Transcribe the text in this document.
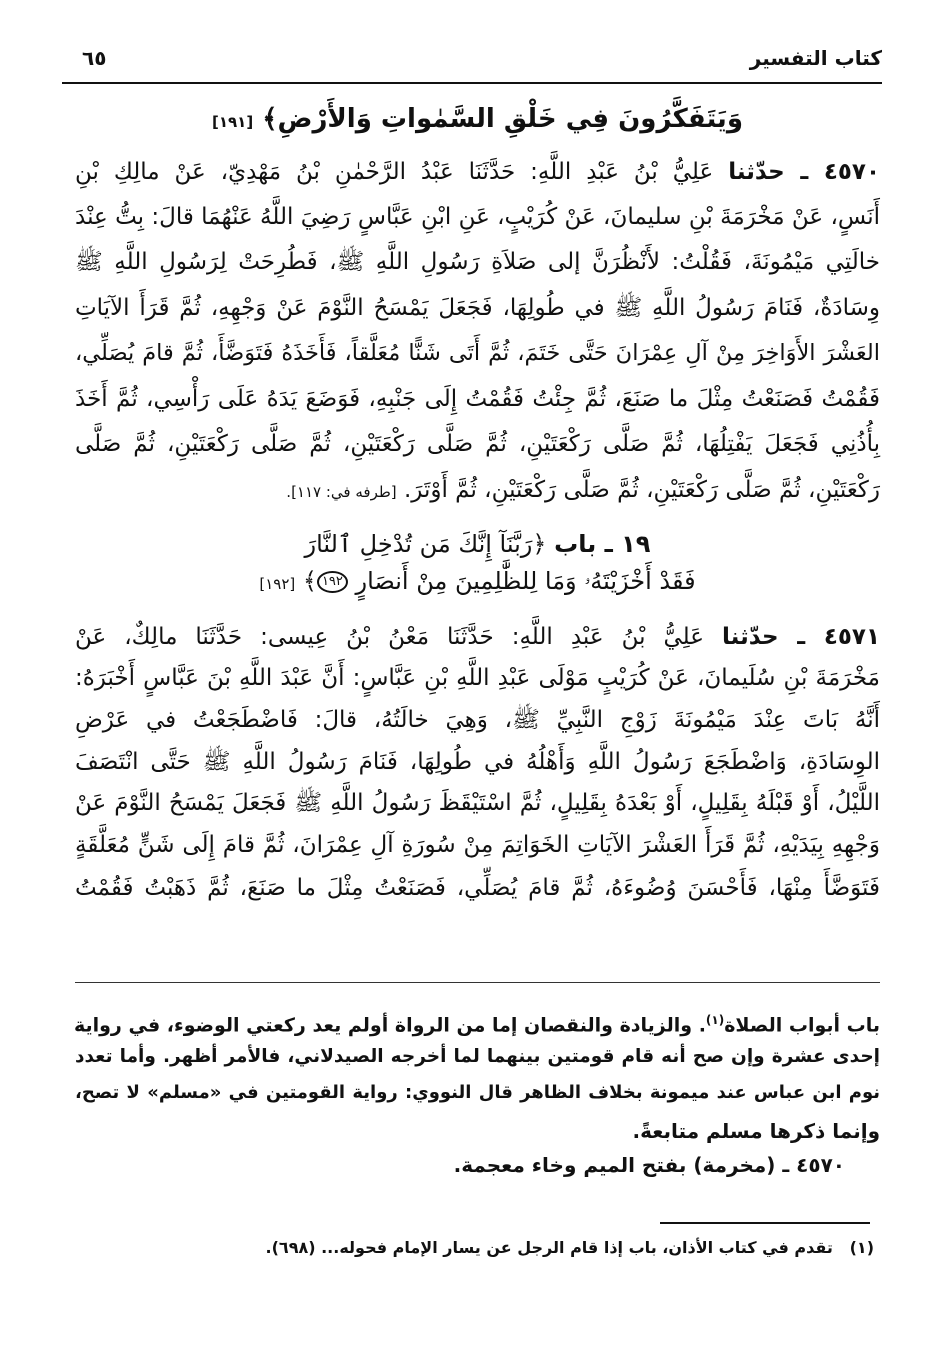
كتاب التفسير
٦٥
وَيَتَفَكَّرُونَ فِي خَلْقِ السَّمٰواتِ وَالأَرْضِ﴾ [١٩١]
٤٥٧٠ ـ حدّثنا عَلِيُّ بْنُ عَبْدِ اللَّهِ: حَدَّثَنَا عَبْدُ الرَّحْمٰنِ بْنُ مَهْدِيّ، عَنْ مالِكِ بْنِ
أَنَسٍ، عَنْ مَخْرَمَةَ بْنِ سليمانَ، عَنْ كُرَيْبٍ، عَنِ ابْنِ عَبَّاسٍ رَضِيَ اللَّهُ عَنْهُمَا قالَ: بِتُّ عِنْدَ
خالَتِي مَيْمُونَةَ، فَقُلْتُ: لأَنْظُرَنَّ إلى صَلاَةِ رَسُولِ اللَّهِ ﷺ، فَطُرِحَتْ لِرَسُولِ اللَّهِ ﷺ
وِسَادَةٌ، فَنَامَ رَسُولُ اللَّهِ ﷺ في طُولِهَا، فَجَعَلَ يَمْسَحُ النَّوْمَ عَنْ وَجْهِهِ، ثُمَّ قَرَأَ الآيَاتِ
العَشْرَ الأَوَاخِرَ مِنْ آلِ عِمْرَانَ حَتَّى خَتَمَ، ثُمَّ أَتَى شَنًّا مُعَلَّقاً، فَأَخَذَهُ فَتَوَضَّأَ، ثُمَّ قامَ يُصَلِّي،
فَقُمْتُ فَصَنَعْتُ مِثْلَ ما صَنَعَ، ثُمَّ جِئْتُ فَقُمْتُ إِلَى جَنْبِهِ، فَوَضَعَ يَدَهُ عَلَى رَأْسِي، ثُمَّ أَخَذَ
بِأُذُنِي فَجَعَلَ يَفْتِلُهَا، ثُمَّ صَلَّى رَكْعَتَيْنِ، ثُمَّ صَلَّى رَكْعَتَيْنِ، ثُمَّ صَلَّى رَكْعَتَيْنِ، ثُمَّ صَلَّى
رَكْعَتَيْنِ، ثُمَّ صَلَّى رَكْعَتَيْنِ، ثُمَّ صَلَّى رَكْعَتَيْنِ، ثُمَّ أَوْتَرَ. [طرفه في: ١١٧].
١٩ ـ باب ﴿رَبَّنَآ إِنَّكَ مَن تُدْخِلِ ٱلنَّارَ
فَقَدْ أَخْزَيْتَهُۥ وَمَا لِلظَّٰلِمِينَ مِنْ أَنصَارٍ ١٩٢﴾ [١٩٢]
٤٥٧١ ـ حدّثنا عَلِيُّ بْنُ عَبْدِ اللَّهِ: حَدَّثَنَا مَعْنُ بْنُ عِيسى: حَدَّثَنَا مالِكٌ، عَنْ
مَخْرَمَةَ بْنِ سُلَيمانَ، عَنْ كُرَيْبٍ مَوْلَى عَبْدِ اللَّهِ بْنِ عَبَّاسٍ: أَنَّ عَبْدَ اللَّهِ بْنَ عَبَّاسٍ أَخْبَرَهُ:
أَنَّهُ بَاتَ عِنْدَ مَيْمُونَةَ زَوْجِ النَّبِيِّ ﷺ، وَهِيَ خالَتُهُ، قالَ: فَاضْطَجَعْتُ في عَرْضِ
الوِسَادَةِ، وَاضْطَجَعَ رَسُولُ اللَّهِ وَأَهْلُهُ في طُولِهَا، فَنَامَ رَسُولُ اللَّهِ ﷺ حَتَّى انْتَصَفَ
اللَّيْلُ، أَوْ قَبْلَهُ بِقَلِيلٍ، أَوْ بَعْدَهُ بِقَلِيلٍ، ثُمَّ اسْتَيْقَظَ رَسُولُ اللَّهِ ﷺ فَجَعَلَ يَمْسَحُ النَّوْمَ عَنْ
وَجْهِهِ بِيَدَيْهِ، ثُمَّ قَرَأَ العَشْرَ الآيَاتِ الخَوَاتِمَ مِنْ سُورَةِ آلِ عِمْرَانَ، ثُمَّ قامَ إِلَى شَنٍّ مُعَلَّقَةٍ
فَتَوَضَّأَ مِنْهَا، فَأَحْسَنَ وُضُوءَهُ، ثُمَّ قامَ يُصَلِّي، فَصَنَعْتُ مِثْلَ ما صَنَعَ، ثُمَّ ذَهَبْتُ فَقُمْتُ
باب أبواب الصلاة$^{(١)}$. والزيادة والنقصان إما من الرواة أولم يعد ركعتي الوضوء، في رواية
إحدى عشرة وإن صح أنه قام قومتين بينهما لما أخرجه الصيدلاني، فالأمر أظهر. وأما تعدد
نوم ابن عباس عند ميمونة بخلاف الظاهر قال النووي: رواية القومتين في «مسلم» لا تصح،
وإنما ذكرها مسلم متابعةً.
٤٥٧٠ ـ (مخرمة) بفتح الميم وخاء معجمة.
(١)   تقدم في كتاب الأذان، باب إذا قام الرجل عن يسار الإمام فحوله... (٦٩٨).
